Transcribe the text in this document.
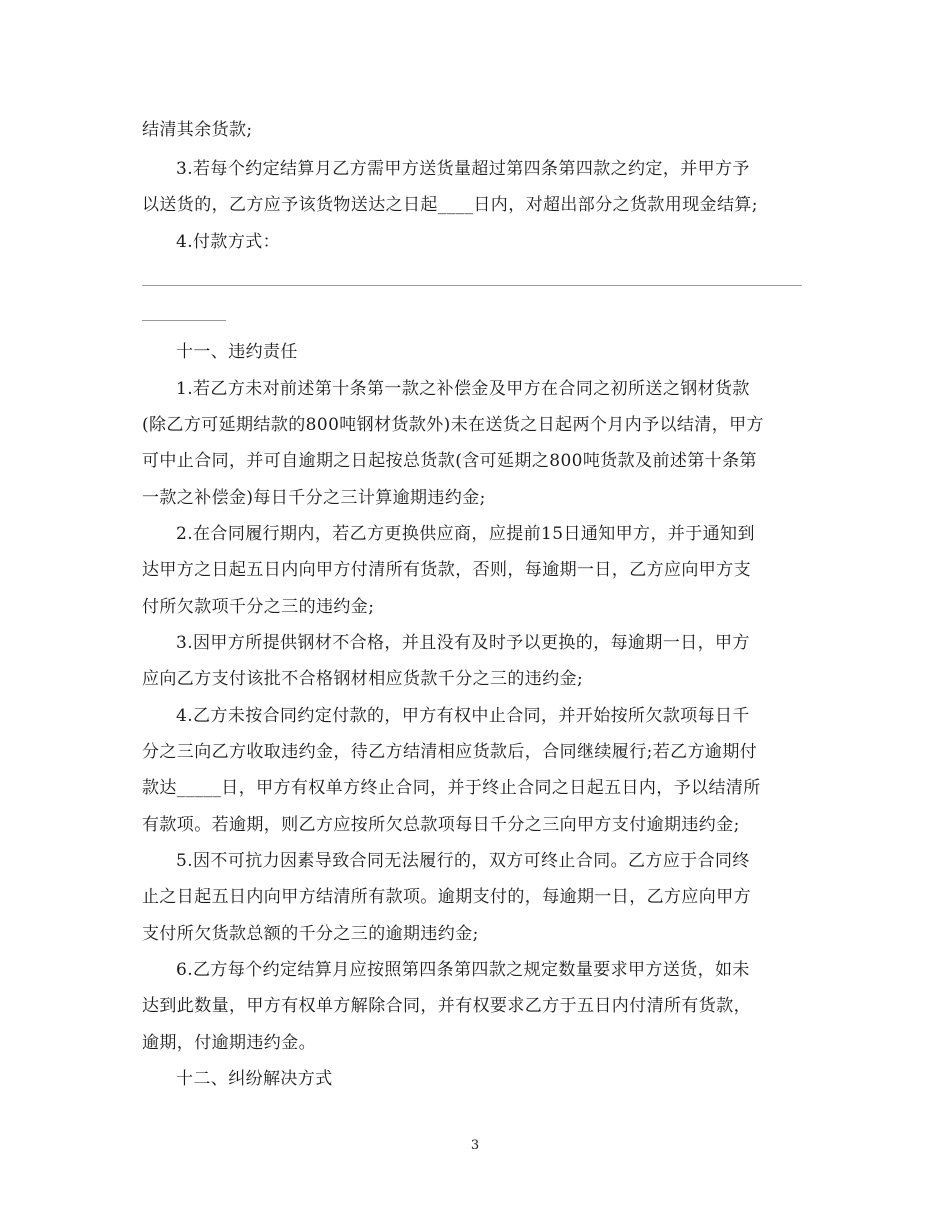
结清其余货款;
3.若每个约定结算月乙方需甲方送货量超过第四条第四款之约定，并甲方予
以送货的，乙方应予该货物送达之日起____日内，对超出部分之货款用现金结算;
4.付款方式：
十一、违约责任
1.若乙方未对前述第十条第一款之补偿金及甲方在合同之初所送之钢材货款
(除乙方可延期结款的800吨钢材货款外)未在送货之日起两个月内予以结清，甲方
可中止合同，并可自逾期之日起按总货款(含可延期之800吨货款及前述第十条第
一款之补偿金)每日千分之三计算逾期违约金;
2.在合同履行期内，若乙方更换供应商，应提前15日通知甲方，并于通知到
达甲方之日起五日内向甲方付清所有货款，否则，每逾期一日，乙方应向甲方支
付所欠款项千分之三的违约金;
3.因甲方所提供钢材不合格，并且没有及时予以更换的，每逾期一日，甲方
应向乙方支付该批不合格钢材相应货款千分之三的违约金;
4.乙方未按合同约定付款的，甲方有权中止合同，并开始按所欠款项每日千
分之三向乙方收取违约金，待乙方结清相应货款后，合同继续履行;若乙方逾期付
款达_____日，甲方有权单方终止合同，并于终止合同之日起五日内，予以结清所
有款项。若逾期，则乙方应按所欠总款项每日千分之三向甲方支付逾期违约金;
5.因不可抗力因素导致合同无法履行的，双方可终止合同。乙方应于合同终
止之日起五日内向甲方结清所有款项。逾期支付的，每逾期一日，乙方应向甲方
支付所欠货款总额的千分之三的逾期违约金;
6.乙方每个约定结算月应按照第四条第四款之规定数量要求甲方送货，如未
达到此数量，甲方有权单方解除合同，并有权要求乙方于五日内付清所有货款，
逾期，付逾期违约金。
十二、纠纷解决方式
3
